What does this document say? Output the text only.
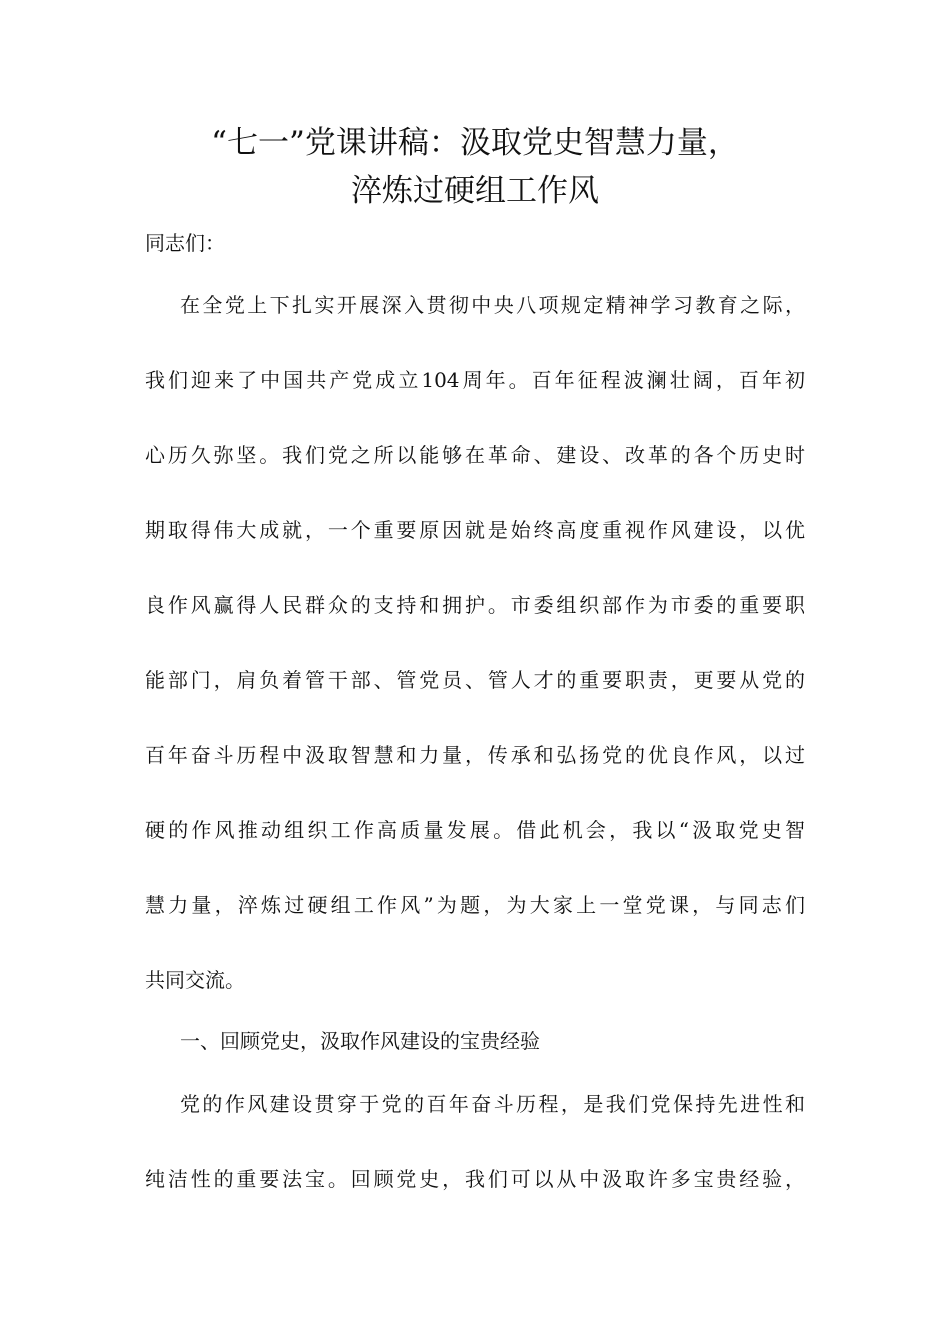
“七一”党课讲稿：汲取党史智慧力量，
淬炼过硬组工作风

同志们：

在全党上下扎实开展深入贯彻中央八项规定精神学习教育之际，

我们迎来了中国共产党成立104周年。百年征程波澜壮阔，百年初

心历久弥坚。我们党之所以能够在革命、建设、改革的各个历史时

期取得伟大成就，一个重要原因就是始终高度重视作风建设，以优

良作风赢得人民群众的支持和拥护。市委组织部作为市委的重要职

能部门，肩负着管干部、管党员、管人才的重要职责，更要从党的

百年奋斗历程中汲取智慧和力量，传承和弘扬党的优良作风，以过

硬的作风推动组织工作高质量发展。借此机会，我以“汲取党史智

慧力量，淬炼过硬组工作风”为题，为大家上一堂党课，与同志们

共同交流。

一、回顾党史，汲取作风建设的宝贵经验

党的作风建设贯穿于党的百年奋斗历程，是我们党保持先进性和

纯洁性的重要法宝。回顾党史，我们可以从中汲取许多宝贵经验，
